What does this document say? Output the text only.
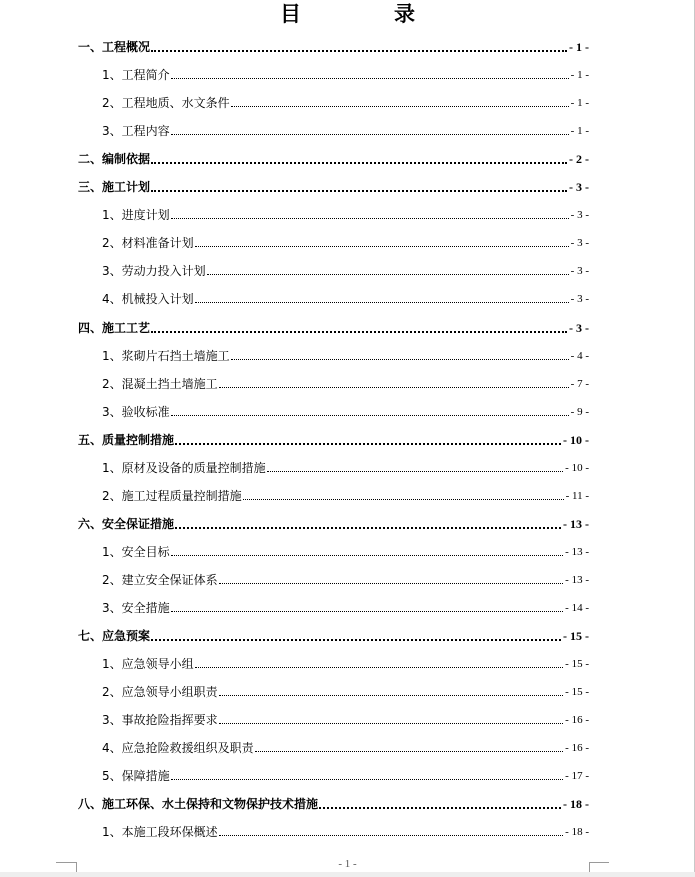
目　录
一、工程概况	- 1 -
1、工程简介	- 1 -
2、工程地质、水文条件	- 1 -
3、工程内容	- 1 -
二、编制依据	- 2 -
三、施工计划	- 3 -
1、进度计划	- 3 -
2、材料准备计划	- 3 -
3、劳动力投入计划	- 3 -
4、机械投入计划	- 3 -
四、施工工艺	- 3 -
1、浆砌片石挡土墙施工	- 4 -
2、混凝土挡土墙施工	- 7 -
3、验收标准	- 9 -
五、质量控制措施	- 10 -
1、原材及设备的质量控制措施	- 10 -
2、施工过程质量控制措施	- 11 -
六、安全保证措施	- 13 -
1、安全目标	- 13 -
2、建立安全保证体系	- 13 -
3、安全措施	- 14 -
七、应急预案	- 15 -
1、应急领导小组	- 15 -
2、应急领导小组职责	- 15 -
3、事故抢险指挥要求	- 16 -
4、应急抢险救援组织及职责	- 16 -
5、保障措施	- 17 -
八、施工环保、水土保持和文物保护技术措施	- 18 -
1、本施工段环保概述	- 18 -
- 1 -
